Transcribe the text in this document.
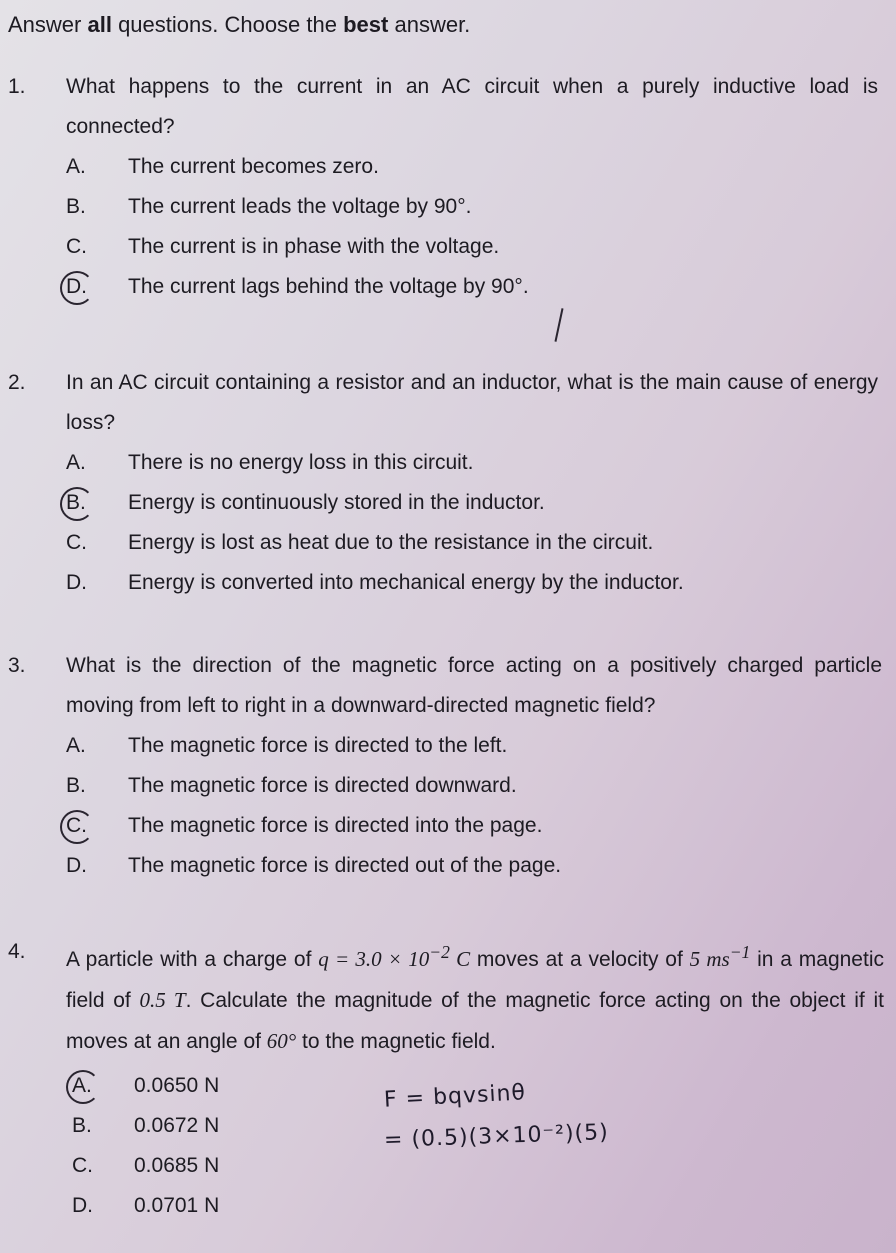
Answer all questions. Choose the best answer.
1.	What happens to the current in an AC circuit when a purely inductive load is connected?
A.	The current becomes zero.
B.	The current leads the voltage by 90°.
C.	The current is in phase with the voltage.
D.	The current lags behind the voltage by 90°.
2.	In an AC circuit containing a resistor and an inductor, what is the main cause of energy loss?
A.	There is no energy loss in this circuit.
B.	Energy is continuously stored in the inductor.
C.	Energy is lost as heat due to the resistance in the circuit.
D.	Energy is converted into mechanical energy by the inductor.
3.	What is the direction of the magnetic force acting on a positively charged particle moving from left to right in a downward-directed magnetic field?
A.	The magnetic force is directed to the left.
B.	The magnetic force is directed downward.
C.	The magnetic force is directed into the page.
D.	The magnetic force is directed out of the page.
4.	A particle with a charge of $q = 3.0 \times 10^{-2}$ C moves at a velocity of 5 $ms^{-1}$ in a magnetic field of 0.5 T. Calculate the magnitude of the magnetic force acting on the object if it moves at an angle of 60° to the magnetic field.
A.	0.0650 N
B.	0.0672 N
C.	0.0685 N
D.	0.0701 N
F = bqvsinθ
= (0.5)(3×10⁻²)(5)
